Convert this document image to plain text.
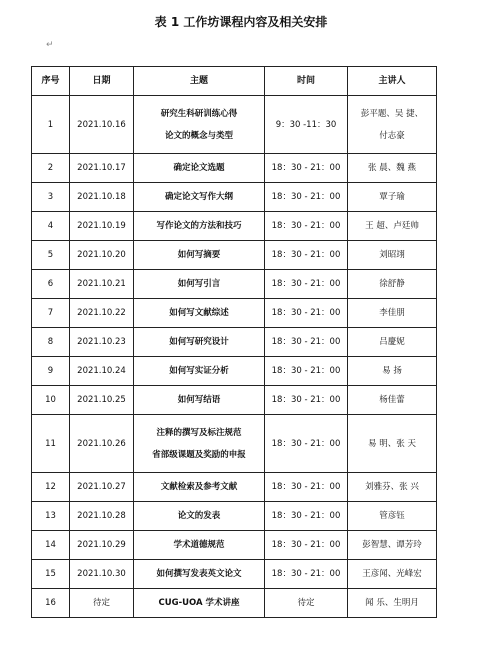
表 1 工作坊课程内容及相关安排
↵
序号	日期	主题	时间	主讲人
1	2021.10.16	研究生科研训练心得
论文的概念与类型	9：30 -11：30	彭平题、吴 捷、
付志豪

2	2021.10.17	确定论文选题	18：30 - 21：00	张 晨、魏 燕
3	2021.10.18	确定论文写作大纲	18：30 - 21：00	覃子瑜
4	2021.10.19	写作论文的方法和技巧	18：30 - 21：00	王 超、卢廷帅
5	2021.10.20	如何写摘要	18：30 - 21：00	刘昭翊
6	2021.10.21	如何写引言	18：30 - 21：00	徐舒静
7	2021.10.22	如何写文献综述	18：30 - 21：00	李佳朋
8	2021.10.23	如何写研究设计	18：30 - 21：00	吕慶妮
9	2021.10.24	如何写实证分析	18：30 - 21：00	易 扬
10	2021.10.25	如何写结语	18：30 - 21：00	杨佳蕾
11	2021.10.26	注释的撰写及标注规范
省部级课题及奖励的申报	18：30 - 21：00	易 明、张 天
12	2021.10.27	文献检索及参考文献	18：30 - 21：00	刘雅芬、张 兴
13	2021.10.28	论文的发表	18：30 - 21：00	管彦钰
14	2021.10.29	学术道德规范	18：30 - 21：00	彭智慧、谭芳玲
15	2021.10.30	如何撰写发表英文论文	18：30 - 21：00	王彦闻、光峰宏
16	待定	CUG-UOA 学术讲座	待定	闻 乐、生明月
